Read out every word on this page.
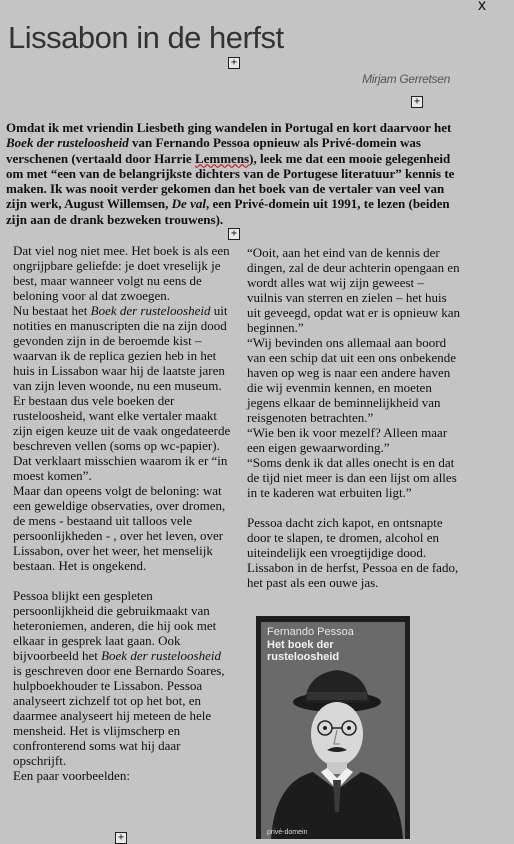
x
Lissabon in de herfst
+
Mirjam Gerretsen
+
Omdat ik met vriendin Liesbeth ging wandelen in Portugal en kort daarvoor het Boek der rusteloosheid van Fernando Pessoa opnieuw als Privé-domein was verschenen (vertaald door Harrie Lemmens), leek me dat een mooie gelegenheid om met “een van de belangrijkste dichters van de Portugese literatuur” kennis te maken. Ik was nooit verder gekomen dan het boek van de vertaler van veel van zijn werk, August Willemsen, De val, een Privé-domein uit 1991, te lezen (beiden zijn aan de drank bezweken trouwens).
+

Dat viel nog niet mee. Het boek is als een ongrijpbare geliefde: je doet vreselijk je best, maar wanneer volgt nu eens de beloning voor al dat zwoegen.

Nu bestaat het Boek der rusteloosheid uit notities en manuscripten die na zijn dood gevonden zijn in de beroemde kist – waarvan ik de replica gezien heb in het huis in Lissabon waar hij de laatste jaren van zijn leven woonde, nu een museum. Er bestaan dus vele boeken der rusteloosheid, want elke vertaler maakt zijn eigen keuze uit de vaak ongedateerde beschreven vellen (soms op wc-papier). Dat verklaart misschien waarom ik er “in moest komen”.

Maar dan opeens volgt de beloning: wat een geweldige observaties, over dromen, de mens - bestaand uit talloos vele persoonlijkheden - , over het leven, over Lissabon, over het weer, het menselijk bestaan. Het is ongekend.

Pessoa blijkt een gespleten persoonlijkheid die gebruikmaakt van heteroniemen, anderen, die hij ook met elkaar in gesprek laat gaan. Ook bijvoorbeeld het Boek der rusteloosheid is geschreven door ene Bernardo Soares, hulpboekhouder te Lissabon. Pessoa analyseert zichzelf tot op het bot, en daarmee analyseert hij meteen de hele mensheid. Het is vlijmscherp en confronterend soms wat hij daar opschrijft.

Een paar voorbeelden:

+

“Ooit, aan het eind van de kennis der dingen, zal de deur achterin opengaan en wordt alles wat wij zijn geweest – vuilnis van sterren en zielen – het huis uit geveegd, opdat wat er is opnieuw kan beginnen.”

“Wij bevinden ons allemaal aan boord van een schip dat uit een ons onbekende haven op weg is naar een andere haven die wij evenmin kennen, en moeten jegens elkaar de beminnelijkheid van reisgenoten betrachten.”

“Wie ben ik voor mezelf? Alleen maar een eigen gewaarwording.”

“Soms denk ik dat alles onecht is en dat de tijd niet meer is dan een lijst om alles in te kaderen wat erbuiten ligt.”

Pessoa dacht zich kapot, en ontsnapte door te slapen, te dromen, alcohol en uiteindelijk een vroegtijdige dood. Lissabon in de herfst, Pessoa en de fado, het past als een ouwe jas.

Fernando Pessoa
Het boek der rusteloosheid
privé-domein
